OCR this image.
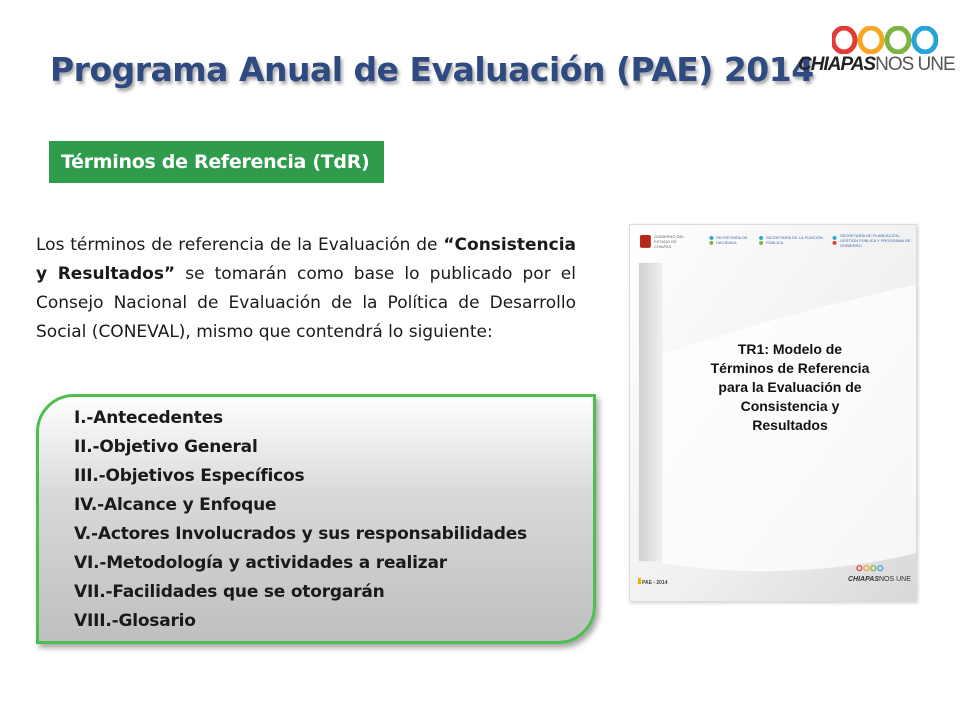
Programa Anual de Evaluación (PAE) 2014
CHIAPASNOS UNE
Términos de Referencia (TdR)

Los términos de referencia de la Evaluación de “Consistencia y Resultados” se tomarán como base lo publicado por el Consejo Nacional de Evaluación de la Política de Desarrollo Social (CONEVAL), mismo que contendrá lo siguiente:

I.-Antecedentes
II.-Objetivo General
III.-Objetivos Específicos
IV.-Alcance y Enfoque
V.-Actores Involucrados y sus responsabilidades
VI.-Metodología y actividades a realizar
VII.-Facilidades que se otorgarán
VIII.-Glosario
GOBIERNO DEL ESTADO DE CHIAPAS
SECRETARÍA DE HACIENDA
SECRETARÍA DE LA FUNCIÓN PÚBLICA
SECRETARÍA DE PLANEACIÓN, GESTIÓN PÚBLICA Y PROGRAMA DE GOBIERNO
TR1: Modelo de
Términos de Referencia
para la Evaluación de
Consistencia y
Resultados
PAE - 2014	CHIAPASNOS UNE
